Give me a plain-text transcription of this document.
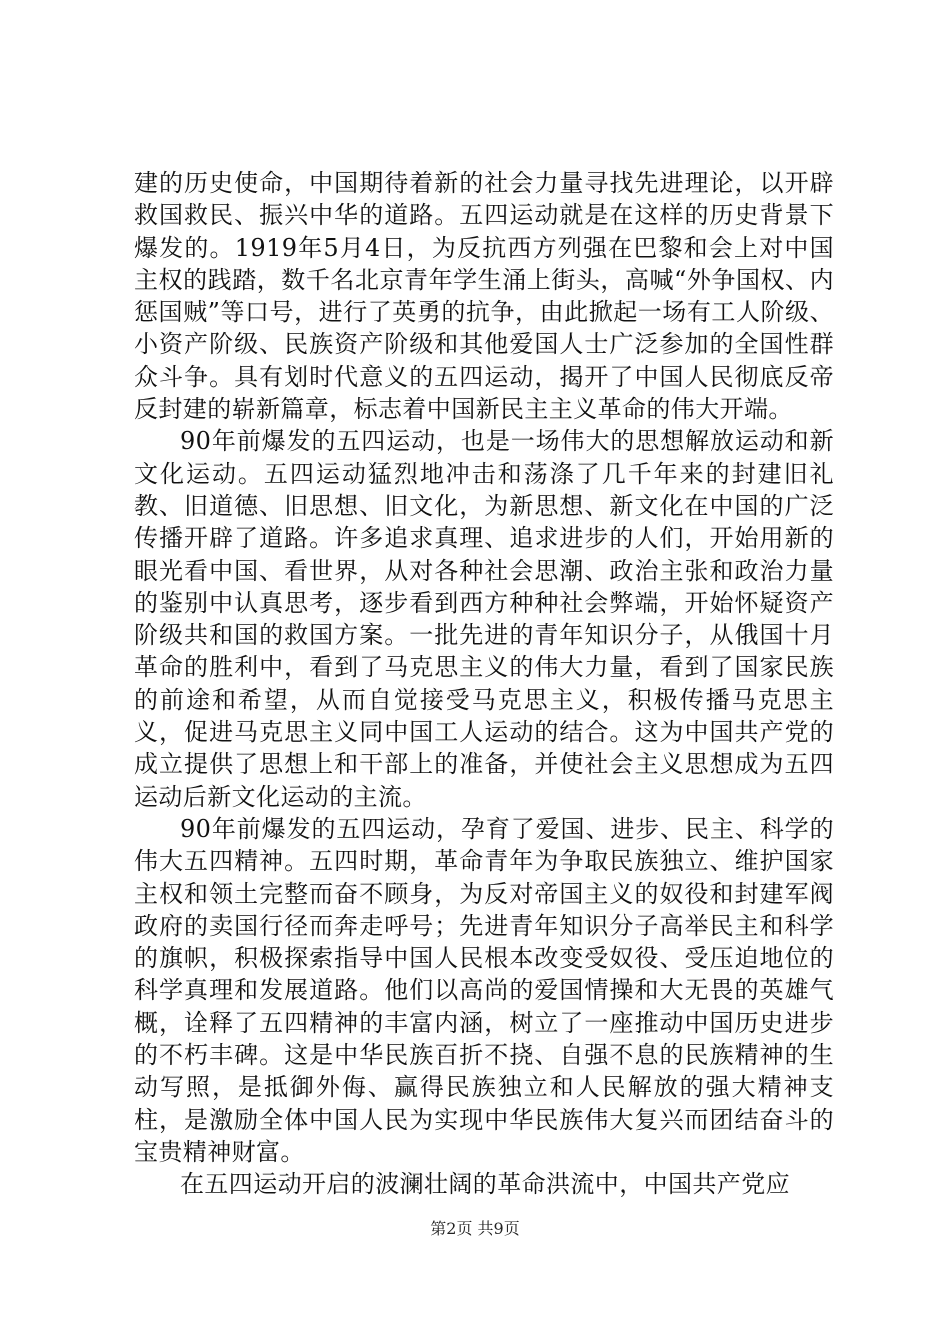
建的历史使命，中国期待着新的社会力量寻找先进理论，以开辟救国救民、振兴中华的道路。五四运动就是在这样的历史背景下爆发的。1919年5月4日，为反抗西方列强在巴黎和会上对中国主权的践踏，数千名北京青年学生涌上街头，高喊“外争国权、内惩国贼”等口号，进行了英勇的抗争，由此掀起一场有工人阶级、小资产阶级、民族资产阶级和其他爱国人士广泛参加的全国性群众斗争。具有划时代意义的五四运动，揭开了中国人民彻底反帝反封建的崭新篇章，标志着中国新民主主义革命的伟大开端。

90年前爆发的五四运动，也是一场伟大的思想解放运动和新文化运动。五四运动猛烈地冲击和荡涤了几千年来的封建旧礼教、旧道德、旧思想、旧文化，为新思想、新文化在中国的广泛传播开辟了道路。许多追求真理、追求进步的人们，开始用新的眼光看中国、看世界，从对各种社会思潮、政治主张和政治力量的鉴别中认真思考，逐步看到西方种种社会弊端，开始怀疑资产阶级共和国的救国方案。一批先进的青年知识分子，从俄国十月革命的胜利中，看到了马克思主义的伟大力量，看到了国家民族的前途和希望，从而自觉接受马克思主义，积极传播马克思主义，促进马克思主义同中国工人运动的结合。这为中国共产党的成立提供了思想上和干部上的准备，并使社会主义思想成为五四运动后新文化运动的主流。

90年前爆发的五四运动，孕育了爱国、进步、民主、科学的伟大五四精神。五四时期，革命青年为争取民族独立、维护国家主权和领土完整而奋不顾身，为反对帝国主义的奴役和封建军阀政府的卖国行径而奔走呼号；先进青年知识分子高举民主和科学的旗帜，积极探索指导中国人民根本改变受奴役、受压迫地位的科学真理和发展道路。他们以高尚的爱国情操和大无畏的英雄气概，诠释了五四精神的丰富内涵，树立了一座推动中国历史进步的不朽丰碑。这是中华民族百折不挠、自强不息的民族精神的生动写照，是抵御外侮、赢得民族独立和人民解放的强大精神支柱，是激励全体中国人民为实现中华民族伟大复兴而团结奋斗的宝贵精神财富。

在五四运动开启的波澜壮阔的革命洪流中，中国共产党应

第2页 共9页
